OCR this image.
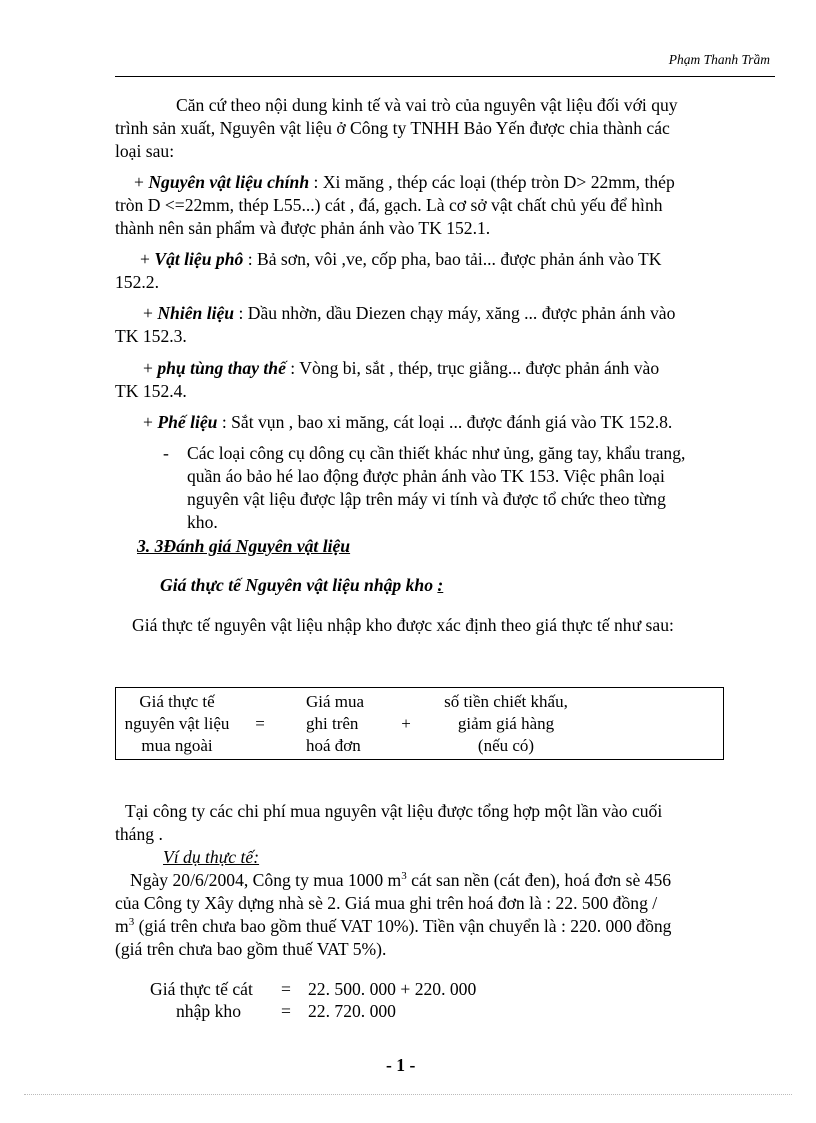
Phạm Thanh Trầm
Căn cứ theo nội dung kinh tế và vai trò của nguyên vật liệu đối với quy
trình sản xuất, Nguyên vật liệu ở Công ty TNHH Bảo Yến được chia thành các
loại sau:
+ Nguyên vật liệu chính : Xi măng , thép các loại (thép tròn D> 22mm, thép
tròn D <=22mm, thép L55...) cát , đá, gạch. Là cơ sở vật chất chủ yếu để hình
thành nên sản phẩm và được phản ánh vào TK 152.1.
+ Vật liệu phô : Bả sơn, vôi ,ve, cốp pha, bao tải... được phản ánh vào TK
152.2.
+ Nhiên liệu : Dầu nhờn, dầu Diezen chạy máy, xăng ... được phản ánh vào
TK 152.3.
+ phụ tùng thay thế : Vòng bi, sắt , thép, trục giằng... được phản ánh vào
TK 152.4.
+ Phế liệu : Sắt vụn , bao xi măng, cát loại ... được đánh giá vào TK 152.8.
- Các loại công cụ dông cụ cần thiết khác như ủng, găng tay, khẩu trang,
quần áo bảo hé lao động được phản ánh vào TK 153. Việc phân loại
nguyên vật liệu được lập trên máy vi tính và được tổ chức theo từng
kho.
3. 3Đánh giá Nguyên vật liệu
Giá thực tế Nguyên vật liệu nhập kho :
Giá thực tế nguyên vật liệu nhập kho được xác định theo giá thực tế như sau:
Giá thực tế
nguyên vật liệu
mua ngoài
=
Giá mua
ghi trên
hoá đơn
+
số tiền chiết khấu,
giảm giá hàng
(nếu có)
Tại công ty các chi phí mua nguyên vật liệu được tổng hợp một lần vào cuối
tháng .
Ví dụ thực tế:
Ngày 20/6/2004, Công ty mua 1000 $m^3$ cát san nền (cát đen), hoá đơn sè 456
của Công ty Xây dựng nhà sè 2. Giá mua ghi trên hoá đơn là : 22. 500 đồng /
$m^3$ (giá trên chưa bao gồm thuế VAT 10%). Tiền vận chuyển là : 220. 000 đồng
(giá trên chưa bao gồm thuế VAT 5%).
Giá thực tế cát
nhập kho
=
=
22. 500. 000 + 220. 000
22. 720. 000
- 1 -
